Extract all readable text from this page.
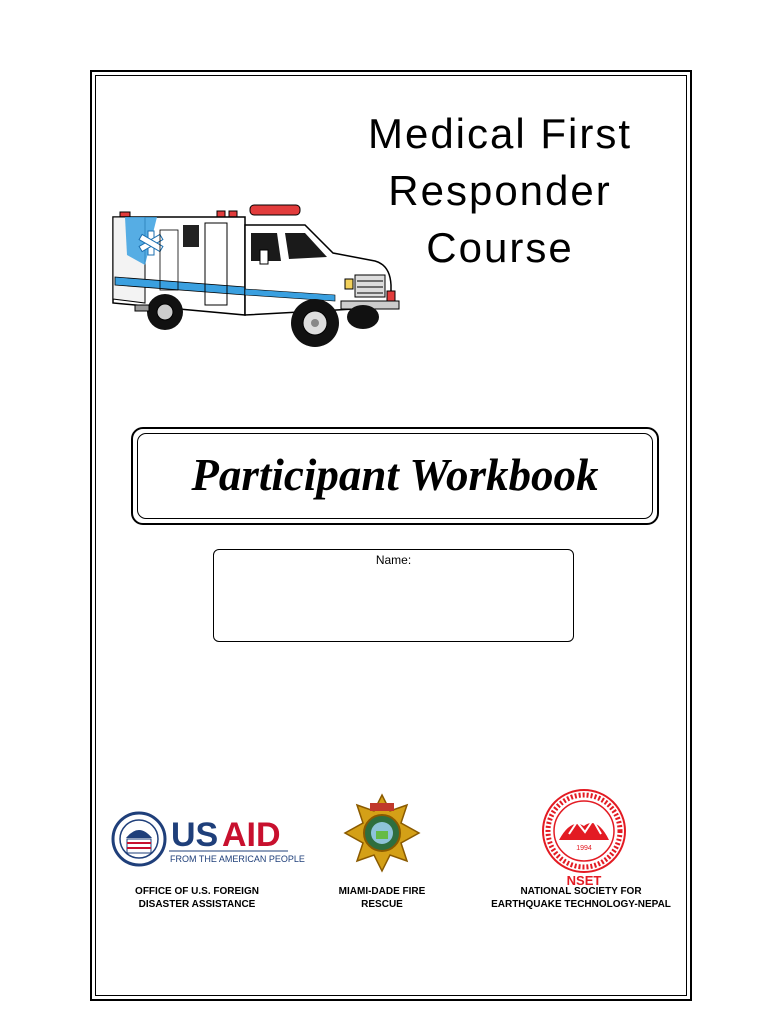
Medical First
Responder
Course
Participant Workbook
Name:
US AID
FROM THE AMERICAN PEOPLE
OFFICE OF U.S. FOREIGN
DISASTER ASSISTANCE
MIAMI-DADE FIRE
RESCUE
1994
NSET
NATIONAL SOCIETY FOR
EARTHQUAKE TECHNOLOGY-NEPAL
